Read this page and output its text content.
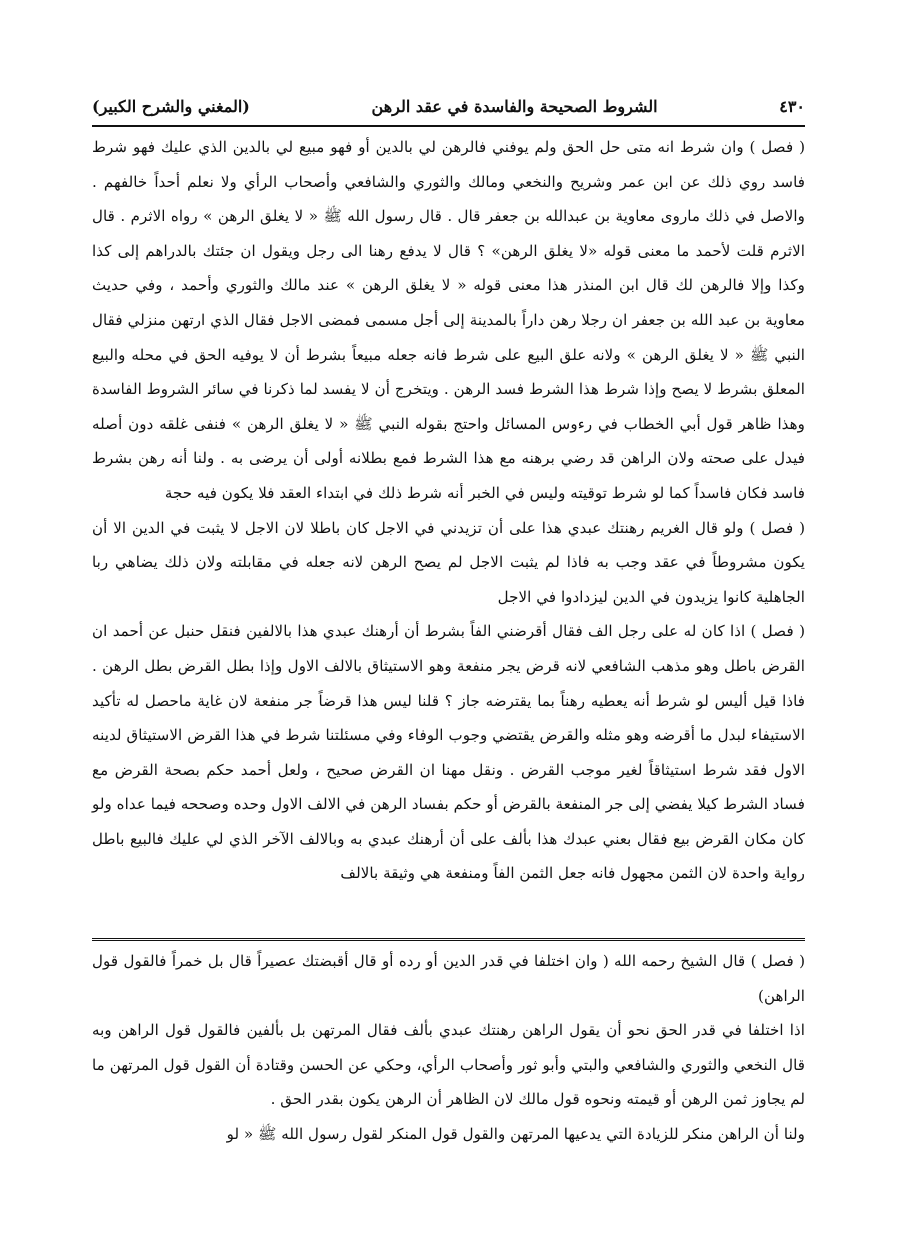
٤٣٠
الشروط الصحيحة والفاسدة في عقد الرهن
(المغني والشرح الكبير)

( فصل ) وان شرط انه متى حل الحق ولم يوفني فالرهن لي بالدين أو فهو مبيع لي بالدين الذي عليك فهو شرط فاسد روي ذلك عن ابن عمر وشريح والنخعي ومالك والثوري والشافعي وأصحاب الرأي ولا نعلم أحداً خالفهم . والاصل في ذلك ماروى معاوية بن عبدالله بن جعفر قال . قال رسول الله ﷺ « لا يغلق الرهن » رواه الاثرم . قال الاثرم قلت لأحمد ما معنى قوله «لا يغلق الرهن» ؟ قال لا يدفع رهنا الى رجل ويقول ان جئتك بالدراهم إلى كذا وكذا وإلا فالرهن لك قال ابن المنذر هذا معنى قوله « لا يغلق الرهن » عند مالك والثوري وأحمد ، وفي حديث معاوية بن عبد الله بن جعفر ان رجلا رهن داراً بالمدينة إلى أجل مسمى فمضى الاجل فقال الذي ارتهن منزلي فقال النبي ﷺ « لا يغلق الرهن » ولانه علق البيع على شرط فانه جعله مبيعاً بشرط أن لا يوفيه الحق في محله والبيع المعلق بشرط لا يصح وإذا شرط هذا الشرط فسد الرهن . ويتخرج أن لا يفسد لما ذكرنا في سائر الشروط الفاسدة وهذا ظاهر قول أبي الخطاب في رءوس المسائل واحتج بقوله النبي ﷺ « لا يغلق الرهن » فنفى غلقه دون أصله فيدل على صحته ولان الراهن قد رضي برهنه مع هذا الشرط فمع بطلانه أولى أن يرضى به . ولنا أنه رهن بشرط فاسد فكان فاسداً كما لو شرط توقيته وليس في الخبر أنه شرط ذلك في ابتداء العقد فلا يكون فيه حجة

( فصل ) ولو قال الغريم رهنتك عبدي هذا على أن تزيدني في الاجل كان باطلا لان الاجل لا يثبت في الدين الا أن يكون مشروطاً في عقد وجب به فاذا لم يثبت الاجل لم يصح الرهن لانه جعله في مقابلته ولان ذلك يضاهي ربا الجاهلية كانوا يزيدون في الدين ليزدادوا في الاجل

( فصل ) اذا كان له على رجل الف فقال أقرضني الفاً بشرط أن أرهنك عبدي هذا بالالفين فنقل حنبل عن أحمد ان القرض باطل وهو مذهب الشافعي لانه قرض يجر منفعة وهو الاستيثاق بالالف الاول وإذا بطل القرض بطل الرهن . فاذا قيل أليس لو شرط أنه يعطيه رهناً بما يقترضه جاز ؟ قلنا ليس هذا قرضاً جر منفعة لان غاية ماحصل له تأكيد الاستيفاء لبدل ما أقرضه وهو مثله والقرض يقتضي وجوب الوفاء وفي مسئلتنا شرط في هذا القرض الاستيثاق لدينه الاول فقد شرط استيثاقاً لغير موجب القرض . ونقل مهنا ان القرض صحيح ، ولعل أحمد حكم بصحة القرض مع فساد الشرط كيلا يفضي إلى جر المنفعة بالقرض أو حكم بفساد الرهن في الالف الاول وحده وصححه فيما عداه ولو كان مكان القرض بيع فقال بعني عبدك هذا بألف على أن أرهنك عبدي به وبالالف الآخر الذي لي عليك فالبيع باطل رواية واحدة لان الثمن مجهول فانه جعل الثمن الفاً ومنفعة هي وثيقة بالالف

( فصل ) قال الشيخ رحمه الله ( وان اختلفا في قدر الدين أو رده أو قال أقبضتك عصيراً قال بل خمراً فالقول قول الراهن)

اذا اختلفا في قدر الحق نحو أن يقول الراهن رهنتك عبدي بألف فقال المرتهن بل بألفين فالقول قول الراهن وبه قال النخعي والثوري والشافعي والبتي وأبو ثور وأصحاب الرأي، وحكي عن الحسن وقتادة أن القول قول المرتهن ما لم يجاوز ثمن الرهن أو قيمته ونحوه قول مالك لان الظاهر أن الرهن يكون بقدر الحق .

ولنا أن الراهن منكر للزيادة التي يدعيها المرتهن والقول قول المنكر لقول رسول الله ﷺ « لو
